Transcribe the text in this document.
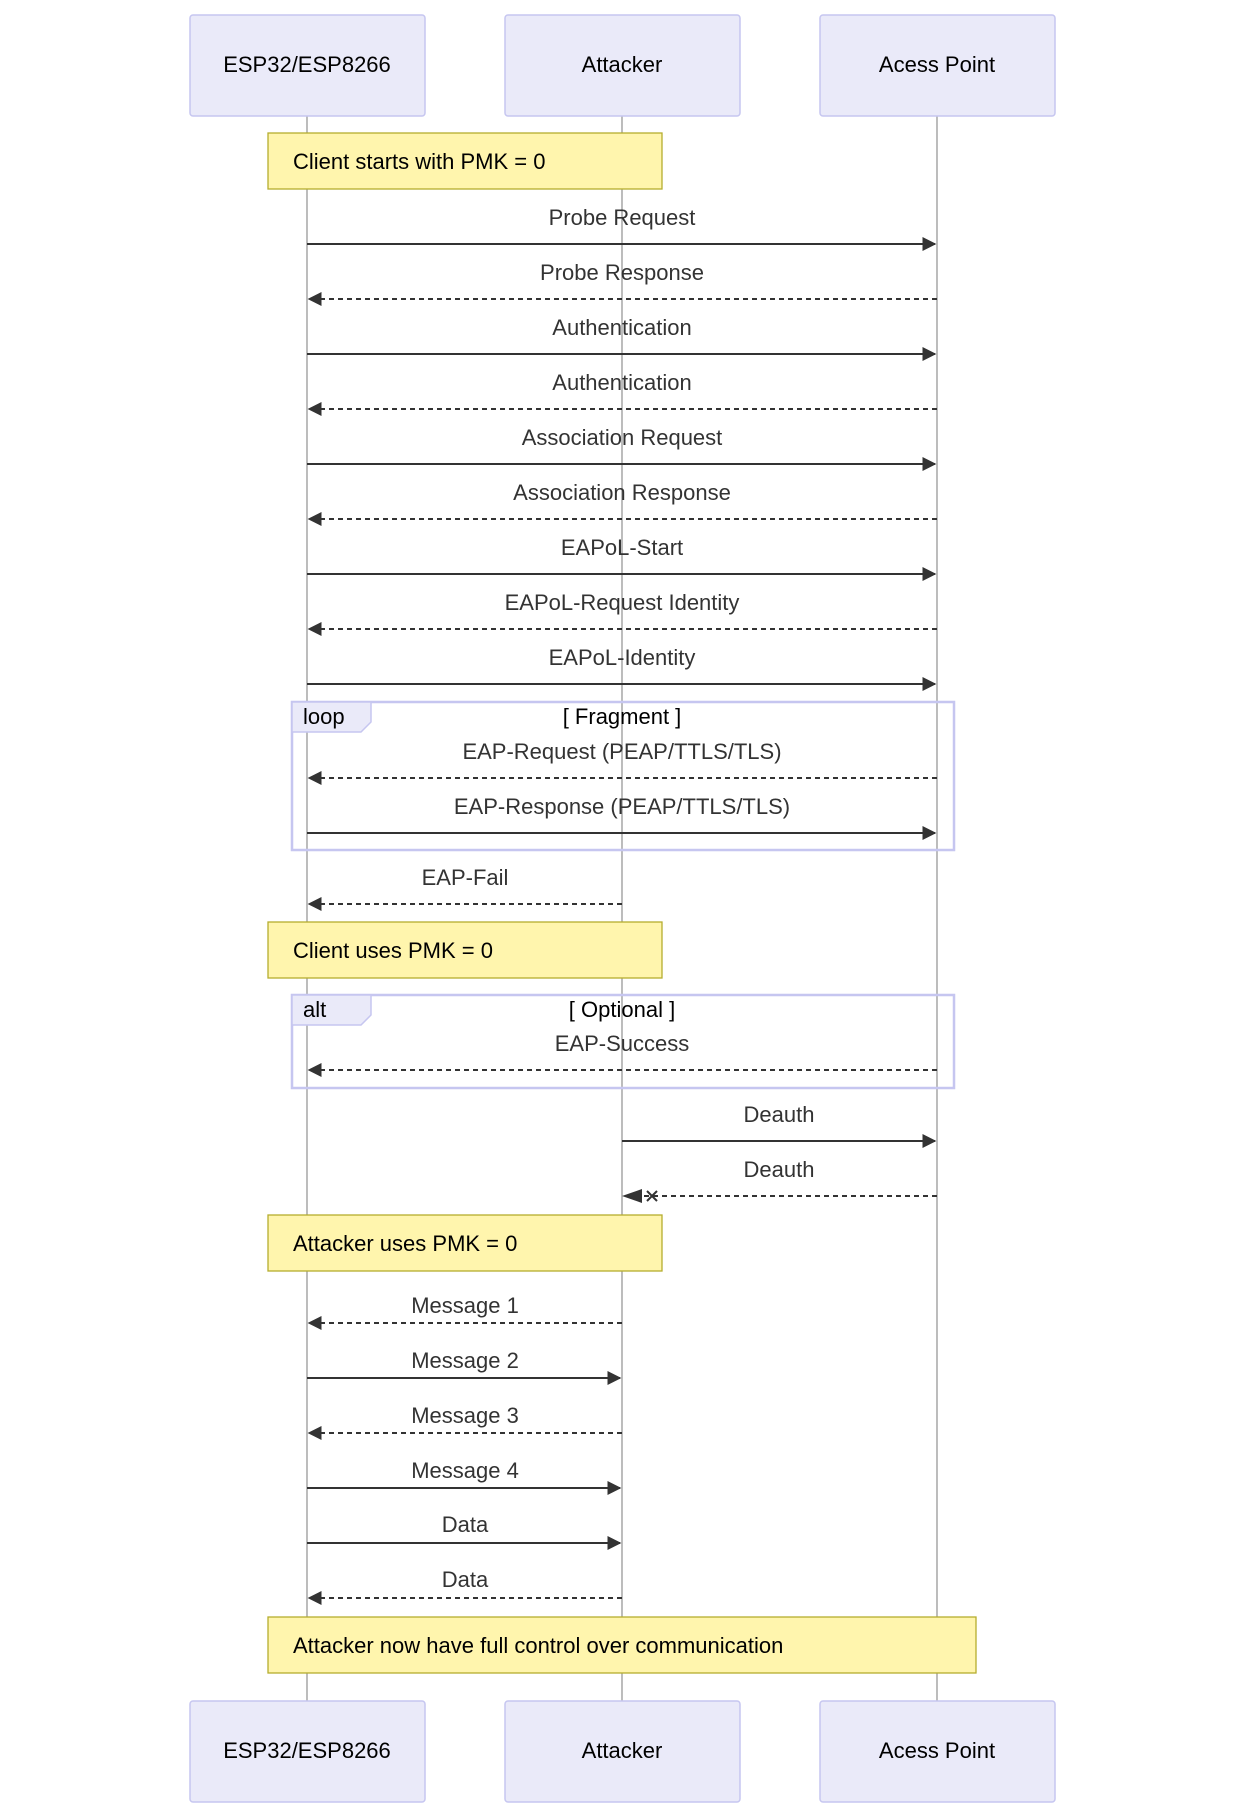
ESP32/ESP8266	Attacker	Acess Point
Client starts with PMK = 0
Client uses PMK = 0
Attacker uses PMK = 0
Attacker now have full control over communication
loop	[ Fragment ]
alt	[ Optional ]
Probe Request
Probe Response
Authentication
Authentication
Association Request
Association Response
EAPoL-Start
EAPoL-Request Identity
EAPoL-Identity
EAP-Request (PEAP/TTLS/TLS)
EAP-Response (PEAP/TTLS/TLS)
EAP-Fail
EAP-Success
Deauth
Deauth
Message 1
Message 2
Message 3
Message 4
Data
Data
ESP32/ESP8266	Attacker	Acess Point
